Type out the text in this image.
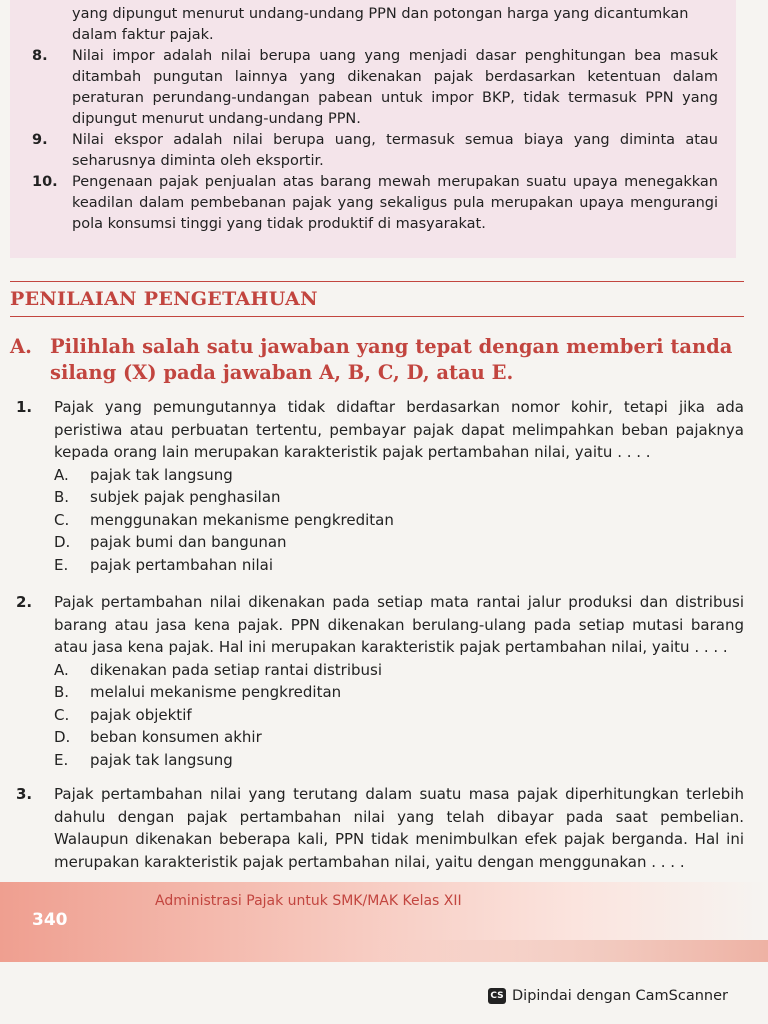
yang dipungut menurut undang-undang PPN dan potongan harga yang dicantumkan
dalam faktur pajak.
8.	Nilai impor adalah nilai berupa uang yang menjadi dasar penghitungan bea masuk ditambah pungutan lainnya yang dikenakan pajak berdasarkan ketentuan dalam peraturan perundang-undangan pabean untuk impor BKP, tidak termasuk PPN yang dipungut menurut undang-undang PPN.
9.	Nilai ekspor adalah nilai berupa uang, termasuk semua biaya yang diminta atau seharusnya diminta oleh eksportir.
10. Pengenaan pajak penjualan atas barang mewah merupakan suatu upaya menegakkan keadilan dalam pembebanan pajak yang sekaligus pula merupakan upaya mengurangi pola konsumsi tinggi yang tidak produktif di masyarakat.
PENILAIAN PENGETAHUAN
A. Pilihlah salah satu jawaban yang tepat dengan memberi tanda silang (X) pada jawaban A, B, C, D, atau E.
1.	Pajak yang pemungutannya tidak didaftar berdasarkan nomor kohir, tetapi jika ada peristiwa atau perbuatan tertentu, pembayar pajak dapat melimpahkan beban pajaknya kepada orang lain merupakan karakteristik pajak pertambahan nilai, yaitu . . . .
A.	pajak tak langsung
B.	subjek pajak penghasilan
C.	menggunakan mekanisme pengkreditan
D.	pajak bumi dan bangunan
E.	pajak pertambahan nilai
2.	Pajak pertambahan nilai dikenakan pada setiap mata rantai jalur produksi dan distribusi barang atau jasa kena pajak. PPN dikenakan berulang-ulang pada setiap mutasi barang atau jasa kena pajak. Hal ini merupakan karakteristik pajak pertambahan nilai, yaitu . . . .
A.	dikenakan pada setiap rantai distribusi
B.	melalui mekanisme pengkreditan
C.	pajak objektif
D.	beban konsumen akhir
E.	pajak tak langsung
3.	Pajak pertambahan nilai yang terutang dalam suatu masa pajak diperhitungkan terlebih dahulu dengan pajak pertambahan nilai yang telah dibayar pada saat pembelian. Walaupun dikenakan beberapa kali, PPN tidak menimbulkan efek pajak berganda. Hal ini merupakan karakteristik pajak pertambahan nilai, yaitu dengan menggunakan . . . .
340
Administrasi Pajak untuk SMK/MAK Kelas XII
CS Dipindai dengan CamScanner
